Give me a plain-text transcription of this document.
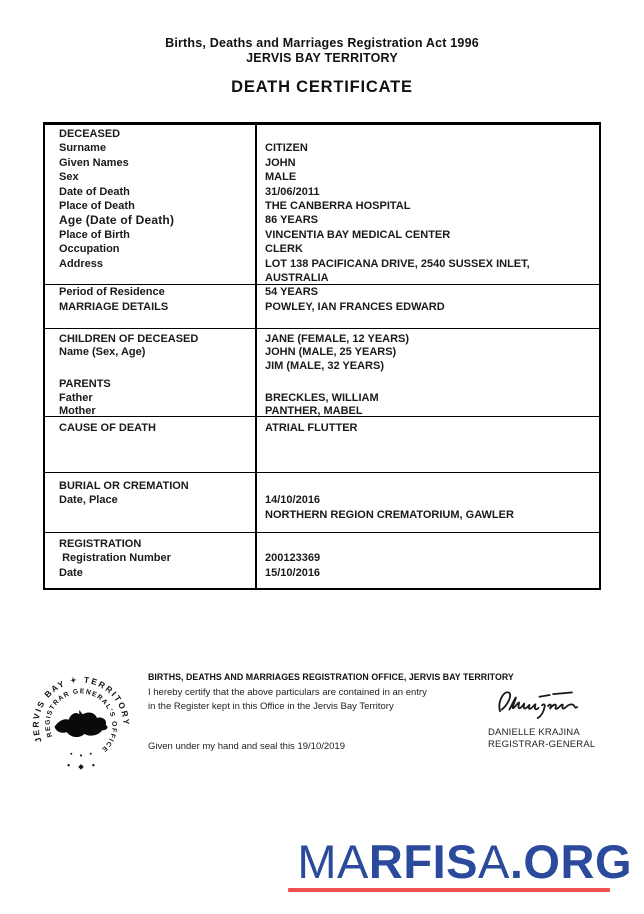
Births, Deaths and Marriages Registration Act 1996
JERVIS BAY TERRITORY
DEATH CERTIFICATE
DECEASED
Surname	CITIZEN
Given Names	JOHN
Sex	MALE
Date of Death	31/06/2011
Place of Death	THE CANBERRA HOSPITAL
Age (Date of Death)	86 YEARS
Place of Birth	VINCENTIA BAY MEDICAL CENTER
Occupation	CLERK
Address	LOT 138 PACIFICANA DRIVE, 2540 SUSSEX INLET, AUSTRALIA
Period of Residence	54 YEARS
MARRIAGE DETAILS	POWLEY, IAN FRANCES EDWARD
CHILDREN OF DECEASED	JANE (FEMALE, 12 YEARS)
Name (Sex, Age)	JOHN (MALE, 25 YEARS)
JIM (MALE, 32 YEARS)
PARENTS
Father	BRECKLES, WILLIAM
Mother	PANTHER, MABEL
CAUSE OF DEATH	ATRIAL FLUTTER
BURIAL OR CREMATION
Date, Place	14/10/2016
NORTHERN REGION CREMATORIUM, GAWLER
REGISTRATION
Registration Number	200123369
Date	15/10/2016
JERVIS BAY ✦ TERRITORY
REGISTRAR GENERAL'S OFFICE
BIRTHS, DEATHS AND MARRIAGES REGISTRATION OFFICE, JERVIS BAY TERRITORY
I hereby certify that the above particulars are contained in an entry
in the Register kept in this Office in the Jervis Bay Territory
Given under my hand and seal this 19/10/2019
DANIELLE KRAJINA
REGISTRAR-GENERAL
MARFISA.ORG
